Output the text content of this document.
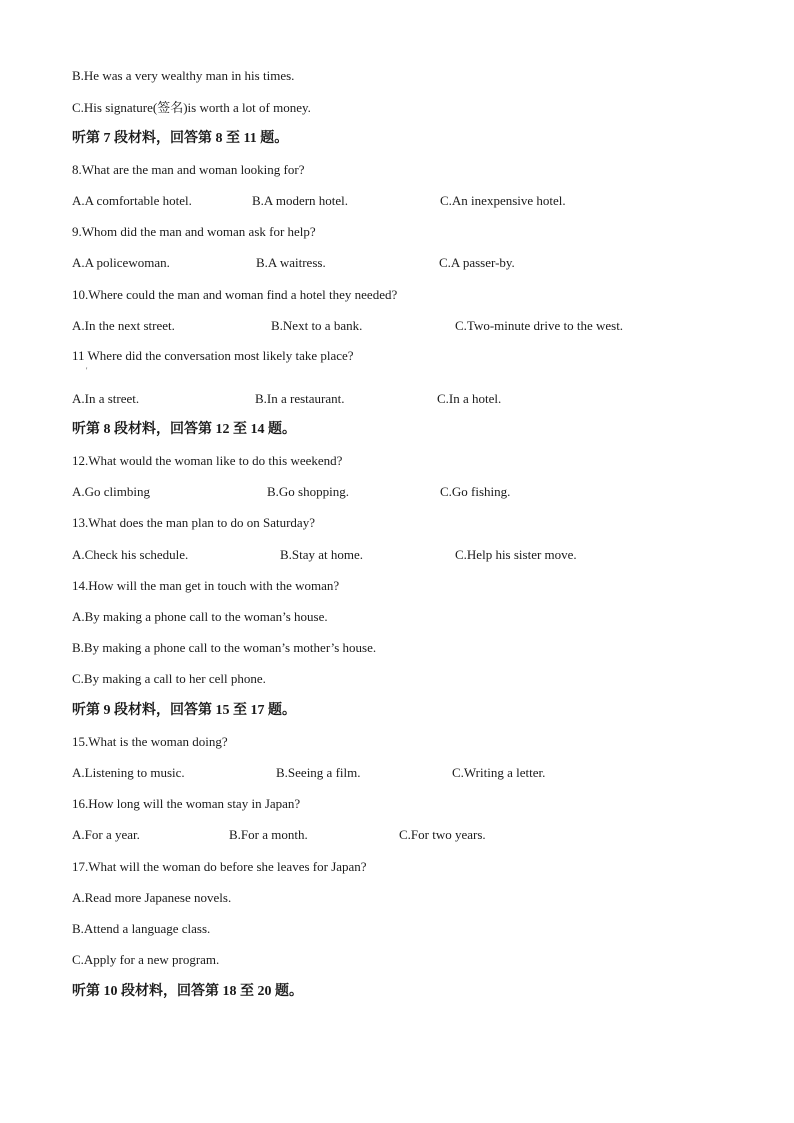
B.He was a very wealthy man in his times.
C.His signature(签名)is worth a lot of money.
听第 7 段材料，回答第 8 至 11 题。
8.What are the man and woman looking for?
A.A comfortable hotel.	B.A modern hotel.	C.An inexpensive hotel.
9.Whom did the man and woman ask for help?
A.A policewoman.	B.A waitress.	C.A passer-by.
10.Where could the man and woman find a hotel they needed?
A.In the next street.	B.Next to a bank.	C.Two-minute drive to the west.
11 Where did the conversation most likely take place?
'
A.In a street.	B.In a restaurant.	C.In a hotel.
听第 8 段材料，回答第 12 至 14 题。
12.What would the woman like to do this weekend?
A.Go climbing	B.Go shopping.	C.Go fishing.
13.What does the man plan to do on Saturday?
A.Check his schedule.	B.Stay at home.	C.Help his sister move.
14.How will the man get in touch with the woman?
A.By making a phone call to the woman’s house.
B.By making a phone call to the woman’s mother’s house.
C.By making a call to her cell phone.
听第 9 段材料，回答第 15 至 17 题。
15.What is the woman doing?
A.Listening to music.	B.Seeing a film.	C.Writing a letter.
16.How long will the woman stay in Japan?
A.For a year.	B.For a month.	C.For two years.
17.What will the woman do before she leaves for Japan?
A.Read more Japanese novels.
B.Attend a language class.
C.Apply for a new program.
听第 10 段材料，回答第 18 至 20 题。
